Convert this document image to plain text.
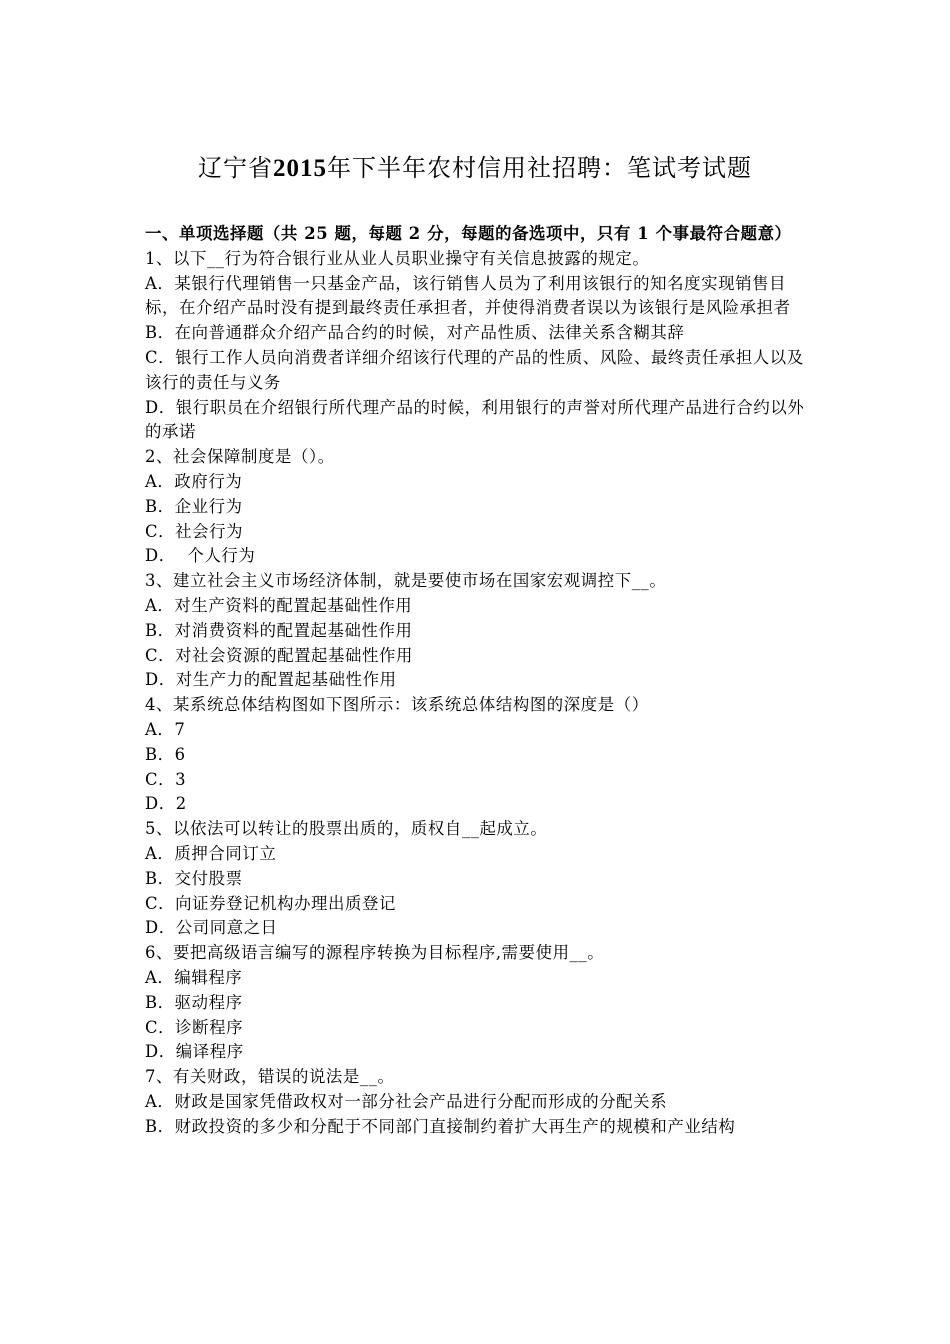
辽宁省2015年下半年农村信用社招聘：笔试考试题

一、单项选择题（共 25 题，每题 2 分，每题的备选项中，只有 1 个事最符合题意）

1、以下__行为符合银行业从业人员职业操守有关信息披露的规定。

A．某银行代理销售一只基金产品，该行销售人员为了利用该银行的知名度实现销售目标，在介绍产品时没有提到最终责任承担者，并使得消费者误以为该银行是风险承担者

B．在向普通群众介绍产品合约的时候，对产品性质、法律关系含糊其辞

C．银行工作人员向消费者详细介绍该行代理的产品的性质、风险、最终责任承担人以及该行的责任与义务

D．银行职员在介绍银行所代理产品的时候，利用银行的声誉对所代理产品进行合约以外的承诺

2、社会保障制度是（）。

A．政府行为

B．企业行为

C．社会行为

D．  个人行为

3、建立社会主义市场经济体制，就是要使市场在国家宏观调控下__。

A．对生产资料的配置起基础性作用

B．对消费资料的配置起基础性作用

C．对社会资源的配置起基础性作用

D．对生产力的配置起基础性作用

4、某系统总体结构图如下图所示：该系统总体结构图的深度是（）

A．7

B．6

C．3

D．2

5、以依法可以转让的股票出质的，质权自__起成立。

A．质押合同订立

B．交付股票

C．向证券登记机构办理出质登记

D．公司同意之日

6、要把高级语言编写的源程序转换为目标程序,需要使用__。

A．编辑程序

B．驱动程序

C．诊断程序

D．编译程序

7、有关财政，错误的说法是__。

A．财政是国家凭借政权对一部分社会产品进行分配而形成的分配关系

B．财政投资的多少和分配于不同部门直接制约着扩大再生产的规模和产业结构
